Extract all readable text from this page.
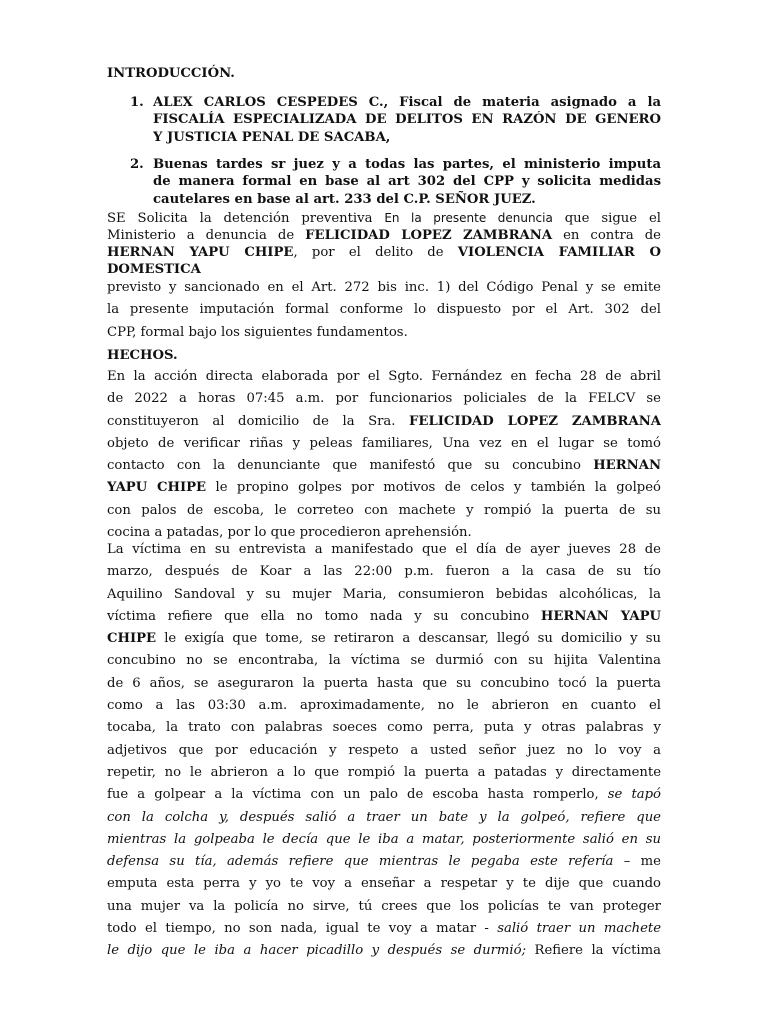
INTRODUCCIÓN.
1. ALEX CARLOS CESPEDES C., Fiscal de materia asignado a la
FISCALÍA ESPECIALIZADA DE DELITOS EN RAZÓN DE GENERO
Y JUSTICIA PENAL DE SACABA,
2. Buenas tardes sr juez y a todas las partes, el ministerio imputa
de manera formal en base al art 302 del CPP y solicita medidas
cautelares en base al art. 233 del C.P. SEÑOR JUEZ.
SE Solicita la detención preventiva En la presente denuncia que sigue el
Ministerio a denuncia de FELICIDAD LOPEZ ZAMBRANA en contra de
HERNAN YAPU CHIPE, por el delito de VIOLENCIA FAMILIAR O
DOMESTICA
previsto y sancionado en el Art. 272 bis inc. 1) del Código Penal y se emite
la presente imputación formal conforme lo dispuesto por el Art. 302 del
CPP, formal bajo los siguientes fundamentos.
HECHOS.
En la acción directa elaborada por el Sgto. Fernández en fecha 28 de abril
de 2022 a horas 07:45 a.m. por funcionarios policiales de la FELCV se
constituyeron al domicilio de la Sra. FELICIDAD LOPEZ ZAMBRANA
objeto de verificar riñas y peleas familiares, Una vez en el lugar se tomó
contacto con la denunciante que manifestó que su concubino HERNAN
YAPU CHIPE le propino golpes por motivos de celos y también la golpeó
con palos de escoba, le correteo con machete y rompió la puerta de su
cocina a patadas, por lo que procedieron aprehensión.
La víctima en su entrevista a manifestado que el día de ayer jueves 28 de
marzo, después de Koar a las 22:00 p.m. fueron a la casa de su tío
Aquilino Sandoval y su mujer Maria, consumieron bebidas alcohólicas, la
víctima refiere que ella no tomo nada y su concubino HERNAN YAPU
CHIPE le exigía que tome, se retiraron a descansar, llegó su domicilio y su
concubino no se encontraba, la víctima se durmió con su hijita Valentina
de 6 años, se aseguraron la puerta hasta que su concubino tocó la puerta
como a las 03:30 a.m. aproximadamente, no le abrieron en cuanto el
tocaba, la trato con palabras soeces como perra, puta y otras palabras y
adjetivos que por educación y respeto a usted señor juez no lo voy a
repetir, no le abrieron a lo que rompió la puerta a patadas y directamente
fue a golpear a la víctima con un palo de escoba hasta romperlo, se tapó
con la colcha y, después salió a traer un bate y la golpeó, refiere que
mientras la golpeaba le decía que le iba a matar, posteriormente salió en su
defensa su tía, además refiere que mientras le pegaba este refería – me
emputa esta perra y yo te voy a enseñar a respetar y te dije que cuando
una mujer va la policía no sirve, tú crees que los policías te van proteger
todo el tiempo, no son nada, igual te voy a matar - salió traer un machete
le dijo que le iba a hacer picadillo y después se durmió; Refiere la víctima
